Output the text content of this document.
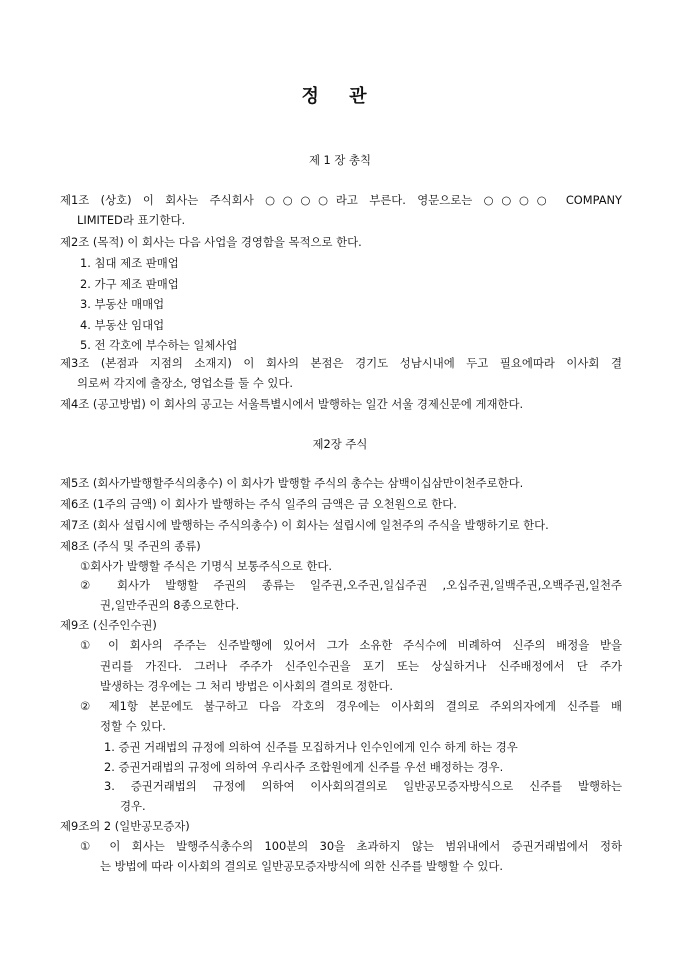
정 관
제 1 장 총칙
제1조 (상호) 이 회사는 주식회사 ○○○○라고 부른다. 영문으로는 ○○○○ COMPANY
LIMITED라 표기한다.
제2조 (목적) 이 회사는 다음 사업을 경영함을 목적으로 한다.
1. 침대 제조 판매업
2. 가구 제조 판매업
3. 부동산 매매업
4. 부동산 임대업
5. 전 각호에 부수하는 일체사업
제3조 (본점과 지점의 소재지) 이 회사의 본점은 경기도 성남시내에 두고 필요에따라 이사회 결
의로써 각지에 출장소, 영업소를 둘 수 있다.
제4조 (공고방법) 이 회사의 공고는 서울특별시에서 발행하는 일간 서울 경제신문에 게재한다.
제2장 주식
제5조 (회사가발행할주식의총수) 이 회사가 발행할 주식의 총수는 삼백이십삼만이천주로한다.
제6조 (1주의 금액) 이 회사가 발행하는 주식 일주의 금액은 금 오천원으로 한다.
제7조 (회사 설립시에 발행하는 주식의총수) 이 회사는 설립시에 일천주의 주식을 발행하기로 한다.
제8조 (주식 및 주권의 종류)
①회사가 발행할 주식은 기명식 보통주식으로 한다.
② 회사가 발행할 주권의 종류는 일주권,오주권,일십주권 ,오십주권,일백주권,오백주권,일천주
권,일만주권의 8종으로한다.
제9조 (신주인수권)
① 이 회사의 주주는 신주발행에 있어서 그가 소유한 주식수에 비례하여 신주의 배정을 받을
권리를 가진다. 그러나 주주가 신주인수권을 포기 또는 상실하거나 신주배정에서 단 주가
발생하는 경우에는 그 처리 방법은 이사회의 결의로 정한다.
② 제1항 본문에도 불구하고 다음 각호의 경우에는 이사회의 결의로 주외의자에게 신주를 배
정할 수 있다.
1. 증권 거래법의 규정에 의하여 신주를 모집하거나 인수인에게 인수 하게 하는 경우
2. 증권거래법의 규정에 의하여 우리사주 조합원에게 신주를 우선 배정하는 경우.
3. 증권거래법의 규정에 의하여 이사회의결의로 일반공모증자방식으로 신주를 발행하는
경우.
제9조의 2 (일반공모증자)
① 이 회사는 발행주식총수의 100분의 30을 초과하지 않는 범위내에서 증권거래법에서 정하
는 방법에 따라 이사회의 결의로 일반공모증자방식에 의한 신주를 발행할 수 있다.
